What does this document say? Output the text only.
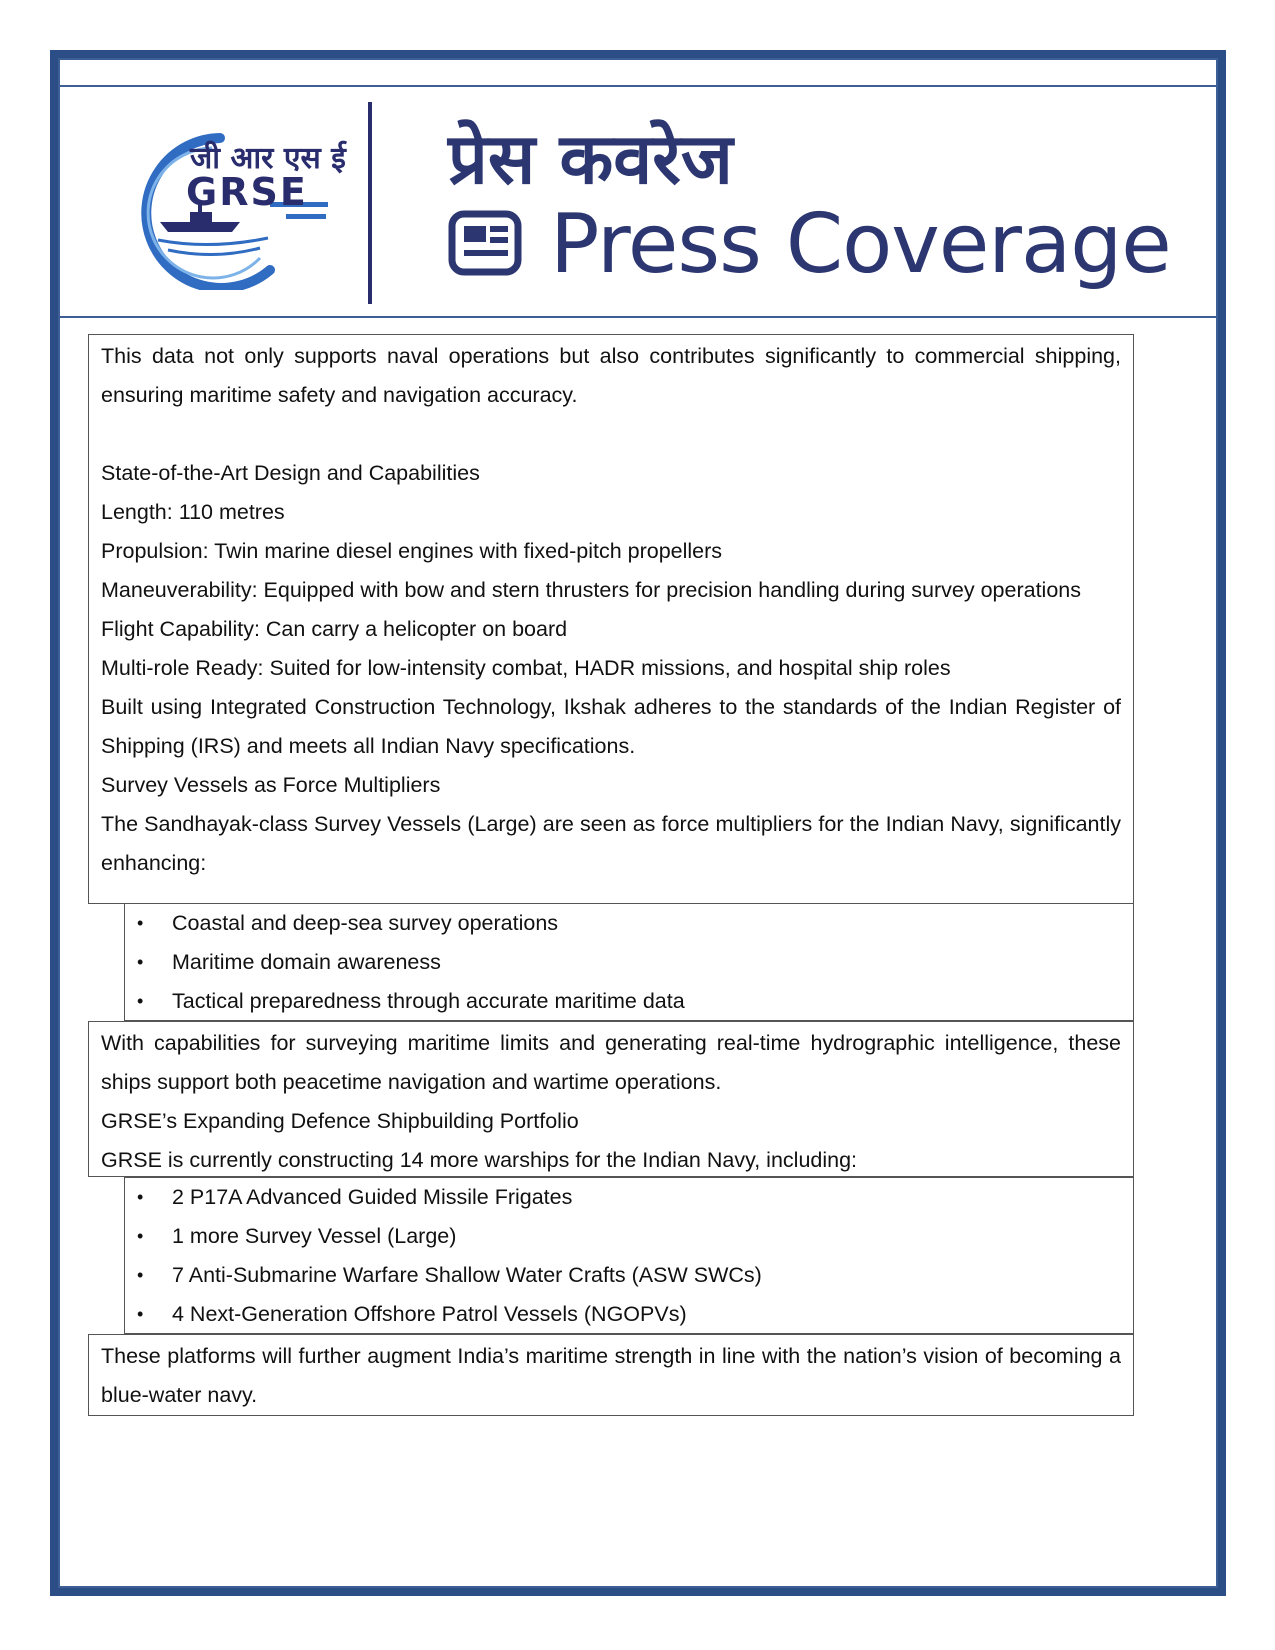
जी आर एस ई
GRSE प्रेस कवरेज
Press Coverage

This data not only supports naval operations but also contributes significantly to commercial shipping, ensuring maritime safety and navigation accuracy.

State-of-the-Art Design and Capabilities

Length: 110 metres

Propulsion: Twin marine diesel engines with fixed-pitch propellers

Maneuverability: Equipped with bow and stern thrusters for precision handling during survey operations

Flight Capability: Can carry a helicopter on board

Multi-role Ready: Suited for low-intensity combat, HADR missions, and hospital ship roles

Built using Integrated Construction Technology, Ikshak adheres to the standards of the Indian Register of Shipping (IRS) and meets all Indian Navy specifications.

Survey Vessels as Force Multipliers

The Sandhayak-class Survey Vessels (Large) are seen as force multipliers for the Indian Navy, significantly enhancing:

• Coastal and deep-sea survey operations
• Maritime domain awareness
• Tactical preparedness through accurate maritime data

With capabilities for surveying maritime limits and generating real-time hydrographic intelligence, these ships support both peacetime navigation and wartime operations.

GRSE’s Expanding Defence Shipbuilding Portfolio

GRSE is currently constructing 14 more warships for the Indian Navy, including:

• 2 P17A Advanced Guided Missile Frigates
• 1 more Survey Vessel (Large)
• 7 Anti-Submarine Warfare Shallow Water Crafts (ASW SWCs)
• 4 Next-Generation Offshore Patrol Vessels (NGOPVs)

These platforms will further augment India’s maritime strength in line with the nation’s vision of becoming a blue-water navy.
